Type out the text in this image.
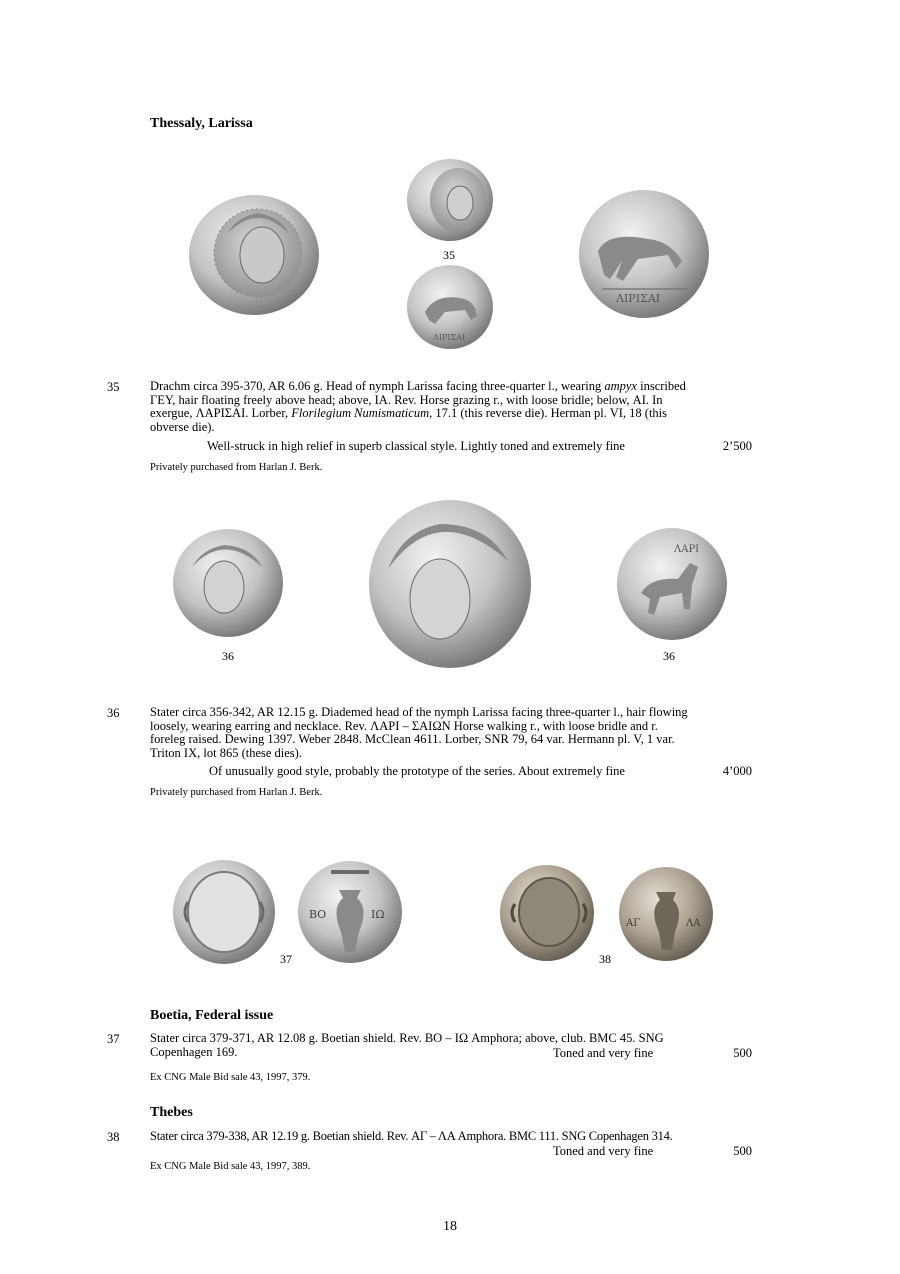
Thessaly, Larissa
35
ΛΙΡΙΣΑΙ
ΛΙΡΙΣΑΙ
35 Drachm circa 395-370, AR 6.06 g. Head of nymph Larissa facing three-quarter l., wearing ampyx inscribed
ΓΕΥ, hair floating freely above head; above, ΙΑ. Rev. Horse grazing r., with loose bridle; below, ΑΙ. In
exergue, ΛΑΡΙΣΑΙ. Lorber, Florilegium Numismaticum, 17.1 (this reverse die). Herman pl. VI, 18 (this
obverse die).
Well-struck in high relief in superb classical style. Lightly toned and extremely fine	2’500
Privately purchased from Harlan J. Berk.
ΛΑΡΙ
36	36
36 Stater circa 356-342, AR 12.15 g. Diademed head of the nymph Larissa facing three-quarter l., hair flowing
loosely, wearing earring and necklace. Rev. ΛΑΡΙ – ΣΑΙΩΝ Horse walking r., with loose bridle and r.
foreleg raised. Dewing 1397. Weber 2848. McClean 4611. Lorber, SNR 79, 64 var. Hermann pl. V, 1 var.
Triton IX, lot 865 (these dies).
Of unusually good style, probably the prototype of the series. About extremely fine	4’000
Privately purchased from Harlan J. Berk.
ΒΟ	ΙΩ
37
ΑΓ	ΛΑ
38
Boetia, Federal issue
37 Stater circa 379-371, AR 12.08 g. Boetian shield. Rev. ΒΟ – ΙΩ Amphora; above, club. BMC 45. SNG
Copenhagen 169.	Toned and very fine	500
Ex CNG Male Bid sale 43, 1997, 379.
Thebes
38 Stater circa 379-338, AR 12.19 g. Boetian shield. Rev. ΑΓ – ΛΑ Amphora. BMC 111. SNG Copenhagen 314.
Toned and very fine	500
Ex CNG Male Bid sale 43, 1997, 389.
18
